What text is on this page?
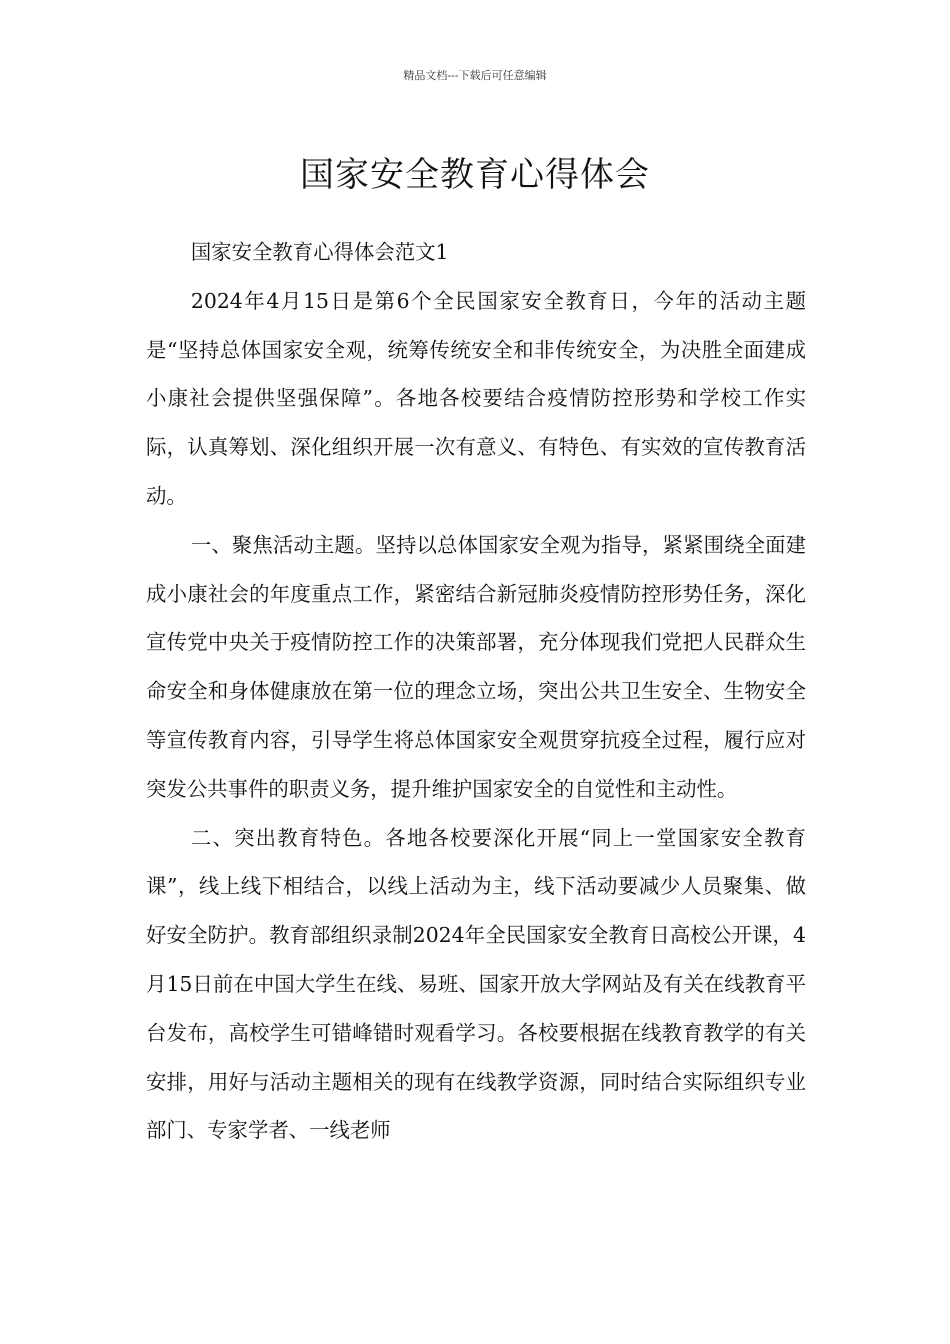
精品文档---下载后可任意编辑
国家安全教育心得体会

国家安全教育心得体会范文1

2024年4月15日是第6个全民国家安全教育日，今年的活动主题是“坚持总体国家安全观，统筹传统安全和非传统安全，为决胜全面建成小康社会提供坚强保障”。各地各校要结合疫情防控形势和学校工作实际，认真筹划、深化组织开展一次有意义、有特色、有实效的宣传教育活动。

一、聚焦活动主题。坚持以总体国家安全观为指导，紧紧围绕全面建成小康社会的年度重点工作，紧密结合新冠肺炎疫情防控形势任务，深化宣传党中央关于疫情防控工作的决策部署，充分体现我们党把人民群众生命安全和身体健康放在第一位的理念立场，突出公共卫生安全、生物安全等宣传教育内容，引导学生将总体国家安全观贯穿抗疫全过程，履行应对突发公共事件的职责义务，提升维护国家安全的自觉性和主动性。

二、突出教育特色。各地各校要深化开展“同上一堂国家安全教育课”，线上线下相结合，以线上活动为主，线下活动要减少人员聚集、做好安全防护。教育部组织录制2024年全民国家安全教育日高校公开课，4月15日前在中国大学生在线、易班、国家开放大学网站及有关在线教育平台发布，高校学生可错峰错时观看学习。各校要根据在线教育教学的有关安排，用好与活动主题相关的现有在线教学资源，同时结合实际组织专业部门、专家学者、一线老师
